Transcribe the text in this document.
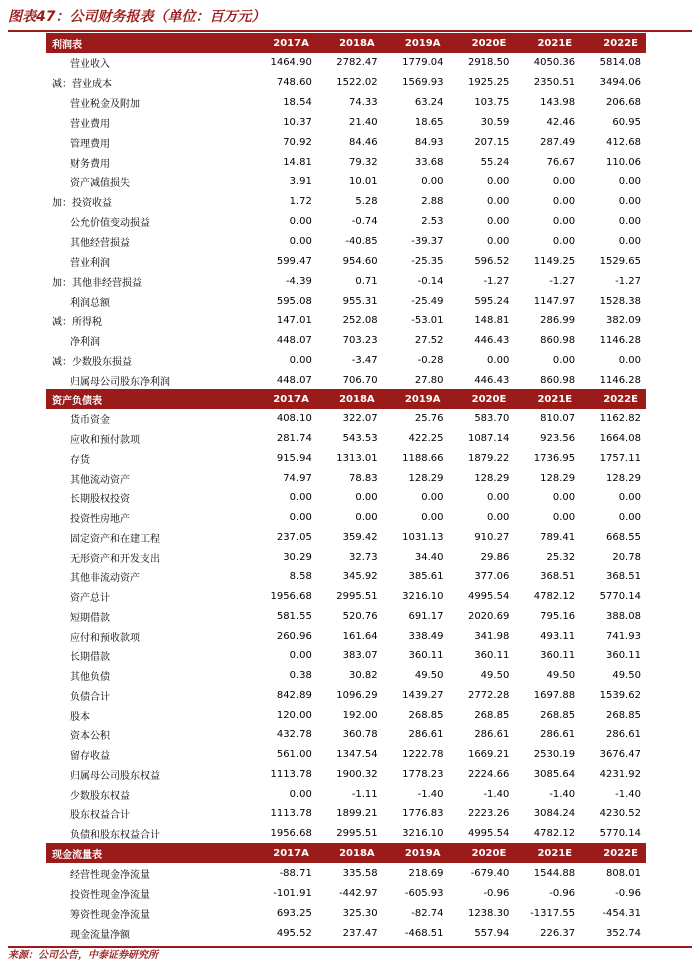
图表47：公司财务报表（单位：百万元）
利润表	2017A	2018A	2019A	2020E	2021E	2022E
营业收入	1464.90	2782.47	1779.04	2918.50	4050.36	5814.08
减：营业成本	748.60	1522.02	1569.93	1925.25	2350.51	3494.06
营业税金及附加	18.54	74.33	63.24	103.75	143.98	206.68
营业费用	10.37	21.40	18.65	30.59	42.46	60.95
管理费用	70.92	84.46	84.93	207.15	287.49	412.68
财务费用	14.81	79.32	33.68	55.24	76.67	110.06
资产减值损失	3.91	10.01	0.00	0.00	0.00	0.00
加：投资收益	1.72	5.28	2.88	0.00	0.00	0.00
公允价值变动损益	0.00	-0.74	2.53	0.00	0.00	0.00
其他经营损益	0.00	-40.85	-39.37	0.00	0.00	0.00
营业利润	599.47	954.60	-25.35	596.52	1149.25	1529.65
加：其他非经营损益	-4.39	0.71	-0.14	-1.27	-1.27	-1.27
利润总额	595.08	955.31	-25.49	595.24	1147.97	1528.38
减：所得税	147.01	252.08	-53.01	148.81	286.99	382.09
净利润	448.07	703.23	27.52	446.43	860.98	1146.28
减：少数股东损益	0.00	-3.47	-0.28	0.00	0.00	0.00
归属母公司股东净利润	448.07	706.70	27.80	446.43	860.98	1146.28
资产负债表	2017A	2018A	2019A	2020E	2021E	2022E
货币资金	408.10	322.07	25.76	583.70	810.07	1162.82
应收和预付款项	281.74	543.53	422.25	1087.14	923.56	1664.08
存货	915.94	1313.01	1188.66	1879.22	1736.95	1757.11
其他流动资产	74.97	78.83	128.29	128.29	128.29	128.29
长期股权投资	0.00	0.00	0.00	0.00	0.00	0.00
投资性房地产	0.00	0.00	0.00	0.00	0.00	0.00
固定资产和在建工程	237.05	359.42	1031.13	910.27	789.41	668.55
无形资产和开发支出	30.29	32.73	34.40	29.86	25.32	20.78
其他非流动资产	8.58	345.92	385.61	377.06	368.51	368.51
资产总计	1956.68	2995.51	3216.10	4995.54	4782.12	5770.14
短期借款	581.55	520.76	691.17	2020.69	795.16	388.08
应付和预收款项	260.96	161.64	338.49	341.98	493.11	741.93
长期借款	0.00	383.07	360.11	360.11	360.11	360.11
其他负债	0.38	30.82	49.50	49.50	49.50	49.50
负债合计	842.89	1096.29	1439.27	2772.28	1697.88	1539.62
股本	120.00	192.00	268.85	268.85	268.85	268.85
资本公积	432.78	360.78	286.61	286.61	286.61	286.61
留存收益	561.00	1347.54	1222.78	1669.21	2530.19	3676.47
归属母公司股东权益	1113.78	1900.32	1778.23	2224.66	3085.64	4231.92
少数股东权益	0.00	-1.11	-1.40	-1.40	-1.40	-1.40
股东权益合计	1113.78	1899.21	1776.83	2223.26	3084.24	4230.52
负债和股东权益合计	1956.68	2995.51	3216.10	4995.54	4782.12	5770.14
现金流量表	2017A	2018A	2019A	2020E	2021E	2022E
经营性现金净流量	-88.71	335.58	218.69	-679.40	1544.88	808.01
投资性现金净流量	-101.91	-442.97	-605.93	-0.96	-0.96	-0.96
筹资性现金净流量	693.25	325.30	-82.74	1238.30	-1317.55	-454.31
现金流量净额	495.52	237.47	-468.51	557.94	226.37	352.74
来源：公司公告，中泰证券研究所
